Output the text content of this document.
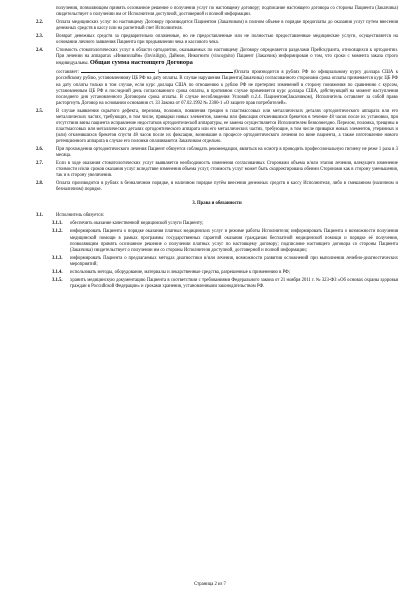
получения, позволяющим принять осознанное решение о получении услуг по настоящему договору; подписание настоящего договора со стороны Пациента (Заказчика) свидетельствует о получении им от Исполнителя доступной, достоверной и полной информации.

2.2.	Оплата медицинских услуг по настоящему Договору производится Пациентом (Заказчиком) в полном объеме в порядке предоплаты до оказания услуг путем внесения денежных средств в кассу или на расчетный счет Исполнителя.
2.3.	Возврат денежных средств за предварительно оплаченные, но не предоставленные или не полностью предоставленные медицинские услуги, осуществляется на основании личного заявления Пациента при предъявлении чека и кассового чека.
2.4.	Стоимость стоматологических услуг в области ортодонтии, оказываемых по настоящему Договору определяется разделами Прейскуранта, относящихся к ортодонтии. При лечении на аппаратах «Инвизилайн» (Invisilign), Даймон, Инкогнито (vincognito) Пациент (Заказчик) информирован о том, что сроки с момента заказа строго индивидуальны. Общая сумма настоящего Договора
составляет:	(	)Оплата производится в рублях РФ по официальному курсу доллара США к российскому рублю, установленному ЦБ РФ на дату оплаты. В случае нарушения Пациента(Заказчика) согласованного сторонами срока оплаты применяется курс ЦБ РФ на дату оплаты только в том случае, если курс доллара США по отношению к рублю РФ не претерпел изменений в сторону понижения по сравнению с курсом, установленным ЦБ РФ в последний день согласованного срока оплаты, в противном случае применяется курс доллара США, действующий на момент наступления последнего дня установленного Договором срока оплаты. В случае несоблюдения Условий п.2.4. Пациентом(Заказчиком), Исполнитель оставляет за собой право расторгнуть Договор на основании основания ст. 33 Закона от 07.02.1992 № 2300-1 «О защите прав потребителей».
2.5.	В случае выявления скрытого дефекта, перелома, поломки, появления трещин в пластмассовых или металлических деталях ортодонтического аппарата или его металлических частях, требующих, в том числе, приварки новых элементов, замены или фиксация отклеившихся брекетов в течение 48 часов после их установки, при отсутствии вины пациента исправление недостатков ортодонтической аппаратуры, ее замена осуществляется Исполнителем безвозмездно. Перелом, поломка, трещины в пластмассовых или металлических деталях ортодонтического аппарата или его металлических частях, требующие, в том числе приварки новых элементов, утерянных и (или) отклеившихся брекетов спустя 48 часов после их фиксации, возникшие в процессе ортодонтического лечения по вине пациента, а также изготовление нового ретенционного аппарата в случае его поломки оплачиваются Заказчиком отдельно.
2.6.	При прохождении ортодонтического лечения Пациент обязуется соблюдать рекомендации, являться на осмотр в проводить профессиональную гигиену не реже 1 раза в 3 месяца.
2.7.	Если в ходе оказания стоматологических услуг выявляется необходимость изменения согласованных Сторонами объема и/или этапов лечения, влекущего изменение стоимости и/или сроков оказания услуг вследствие изменения объема услуг, стоимость услуг может быть скорректирована обеими Сторонами как в сторону уменьшения, так и в сторону увеличения.
2.8.	Оплата производится в рублях в безналичном порядке, в наличном порядке путём внесения денежных средств в кассу Исполнителя, либо в смешанном (наличном и безналичном) порядке.
3. Права и обязанности
3.1.	Исполнитель обязуется:
3.1.1. обеспечить оказание качественной медицинской услуги Пациенту;
3.1.2. информировать Пациента о порядке оказания платных медицинских услуг и режиме работы Исполнителя; информировать Пациента о возможности получения медицинской помощи в рамках программы государственных гарантий оказания гражданам бесплатной медицинской помощи и порядке её получения, позволяющим принять осознанное решение о получении платных услуг по настоящему договору; подписание настоящего договора со стороны Пациента (Заказчика) свидетельствует о получении им со стороны Исполнителя доступной, достоверной и полной информации;
3.1.3. информировать Пациента о предлагаемых методах диагностики и/или лечения, возможности развития осложнений при выполнении лечебно-диагностических мероприятий;
3.1.4. использовать методы, оборудование, материалы и лекарственные средства, разрешенные к применению в РФ;
3.1.5. хранить медицинскую документацию Пациента в соответствии с требованиями Федерального закона от 21 ноября 2011 г. № 323-ФЗ «Об основах охраны здоровья граждан в Российской Федерации» и сроками хранения, установленными законодательством РФ.
Страница 2 из 7
